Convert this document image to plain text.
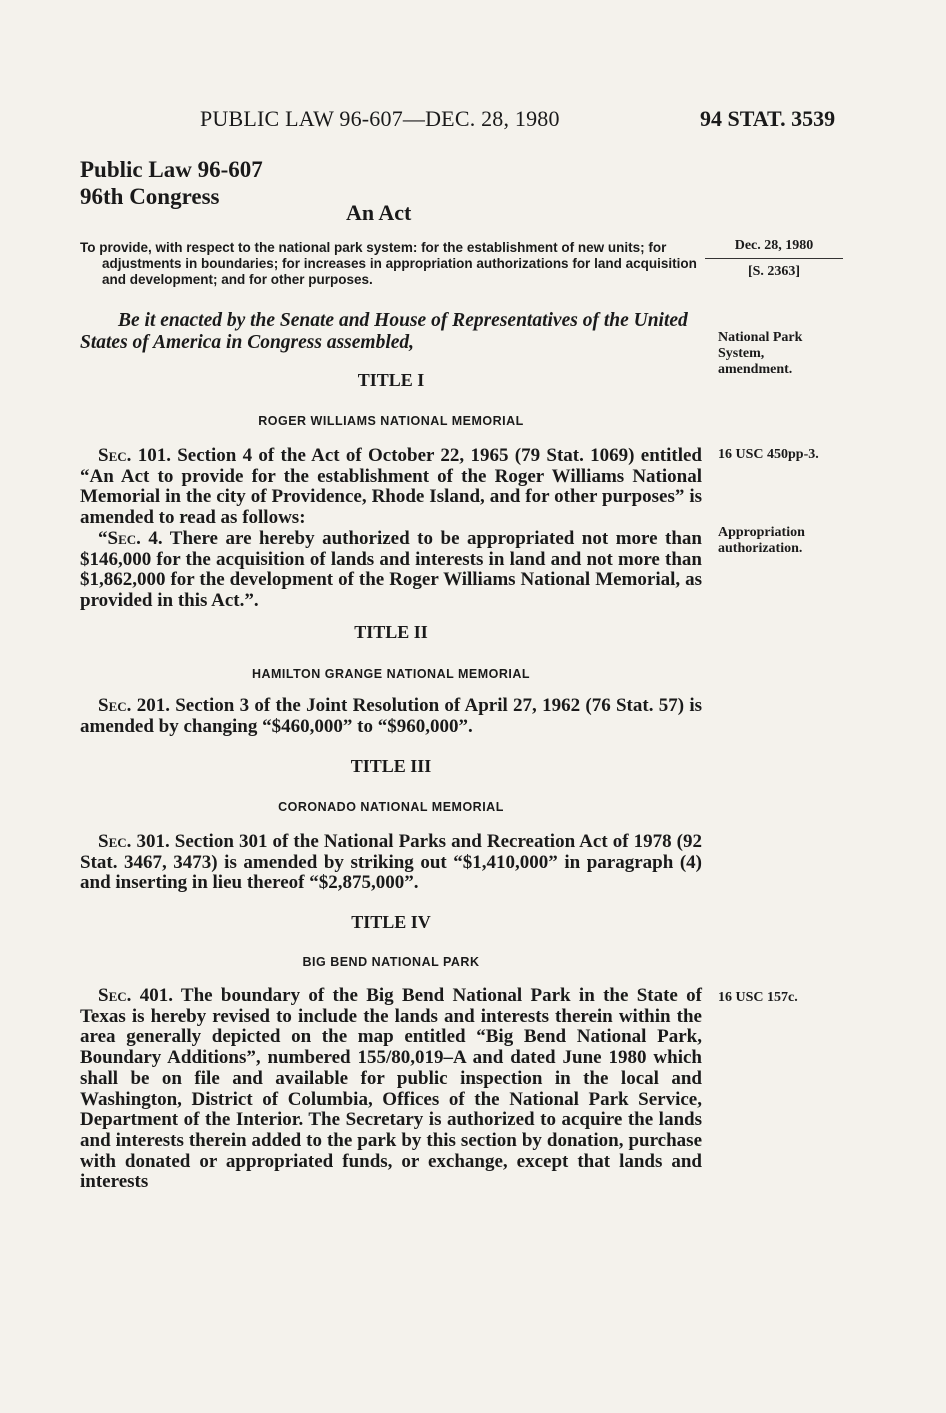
PUBLIC LAW 96-607—DEC. 28, 1980	94 STAT. 3539

Public Law 96-607
96th Congress

An Act

To provide, with respect to the national park system: for the establishment of new units; for adjustments in boundaries; for increases in appropriation authorizations for land acquisition and development; and for other purposes.

Dec. 28, 1980
[S. 2363]

Be it enacted by the Senate and House of Representatives of the United States of America in Congress assembled,	National Park
System,
amendment.

TITLE I

ROGER WILLIAMS NATIONAL MEMORIAL

Sec. 101. Section 4 of the Act of October 22, 1965 (79 Stat. 1069) entitled “An Act to provide for the establishment of the Roger Williams National Memorial in the city of Providence, Rhode Island, and for other purposes” is amended to read as follows:

16 USC 450pp-3.

“Sec. 4. There are hereby authorized to be appropriated not more than $146,000 for the acquisition of lands and interests in land and not more than $1,862,000 for the development of the Roger Williams National Memorial, as provided in this Act.”.

Appropriation
authorization.

TITLE II

HAMILTON GRANGE NATIONAL MEMORIAL

Sec. 201. Section 3 of the Joint Resolution of April 27, 1962 (76 Stat. 57) is amended by changing “$460,000” to “$960,000”.

TITLE III

CORONADO NATIONAL MEMORIAL

Sec. 301. Section 301 of the National Parks and Recreation Act of 1978 (92 Stat. 3467, 3473) is amended by striking out “$1,410,000” in paragraph (4) and inserting in lieu thereof “$2,875,000”.

TITLE IV

BIG BEND NATIONAL PARK

Sec. 401. The boundary of the Big Bend National Park in the State of Texas is hereby revised to include the lands and interests therein within the area generally depicted on the map entitled “Big Bend National Park, Boundary Additions”, numbered 155/80,019–A and dated June 1980 which shall be on file and available for public inspection in the local and Washington, District of Columbia, Offices of the National Park Service, Department of the Interior. The Secretary is authorized to acquire the lands and interests therein added to the park by this section by donation, purchase with donated or appropriated funds, or exchange, except that lands and interests

16 USC 157c.
